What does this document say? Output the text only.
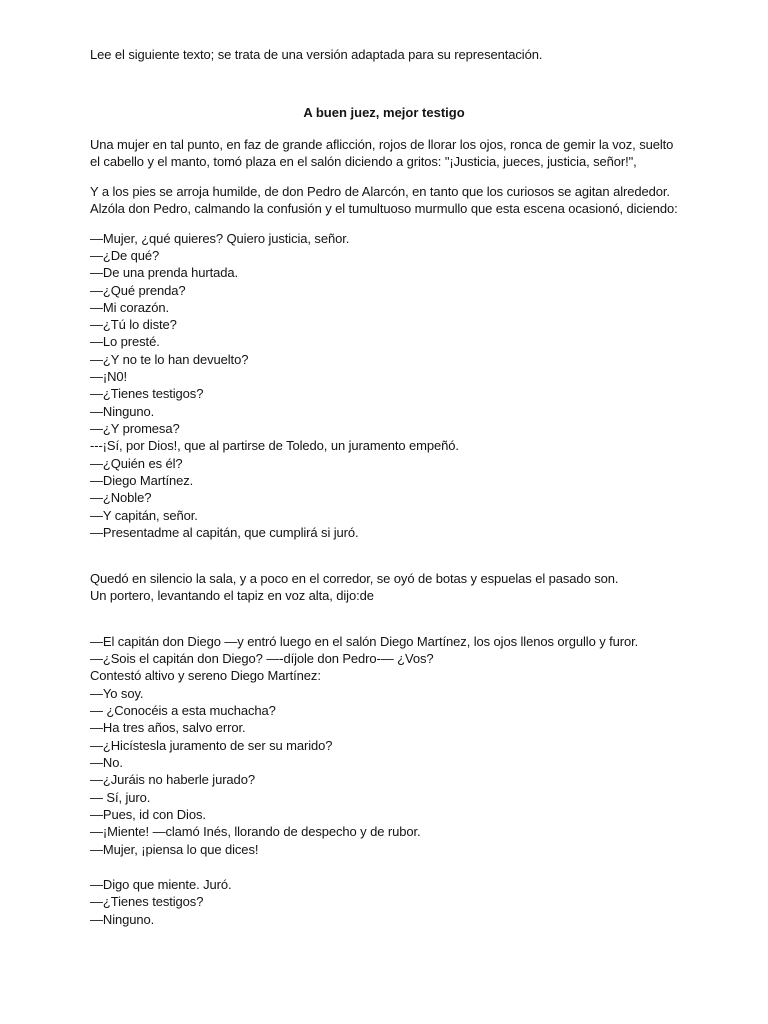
Lee el siguiente texto; se trata de una versión adaptada para su representación.

A buen juez, mejor testigo

Una mujer en tal punto, en faz de grande aflicción, rojos de llorar los ojos, ronca de gemir la voz, suelto

el cabello y el manto, tomó plaza en el salón diciendo a gritos: "¡Justicia, jueces, justicia, señor!",

Y a los pies se arroja humilde, de don Pedro de Alarcón, en tanto que los curiosos se agitan alrededor.

Alzóla don Pedro, calmando la confusión y el tumultuoso murmullo que esta escena ocasionó, diciendo:

—Mujer, ¿qué quieres? Quiero justicia, señor.

—¿De qué?

—De una prenda hurtada.

—¿Qué prenda?

—Mi corazón.

—¿Tú lo diste?

—Lo presté.

—¿Y no te lo han devuelto?

—¡N0!

—¿Tienes testigos?

—Ninguno.

—¿Y promesa?

---¡Sí, por Dios!, que al partirse de Toledo, un juramento empeñó.

—¿Quién es él?

—Diego Martínez.

—¿Noble?

—Y capitán, señor.

—Presentadme al capitán, que cumplirá si juró.

Quedó en silencio la sala, y a poco en el corredor, se oyó de botas y espuelas el pasado son.

Un portero, levantando el tapiz en voz alta, dijo:de

—El capitán don Diego —y entró luego en el salón Diego Martínez, los ojos llenos orgullo y furor.

—¿Sois el capitán don Diego? —-díjole don Pedro-— ¿Vos?

Contestó altivo y sereno Diego Martínez:

—Yo soy.

— ¿Conocéis a esta muchacha?

—Ha tres años, salvo error.

—¿Hicístesla juramento de ser su marido?

—No.

—¿Juráis no haberle jurado?

— Sí, juro.

—Pues, id con Dios.

—¡Miente! —clamó Inés, llorando de despecho y de rubor.

—Mujer, ¡piensa lo que dices!

—Digo que miente. Juró.

—¿Tienes testigos?

—Ninguno.
